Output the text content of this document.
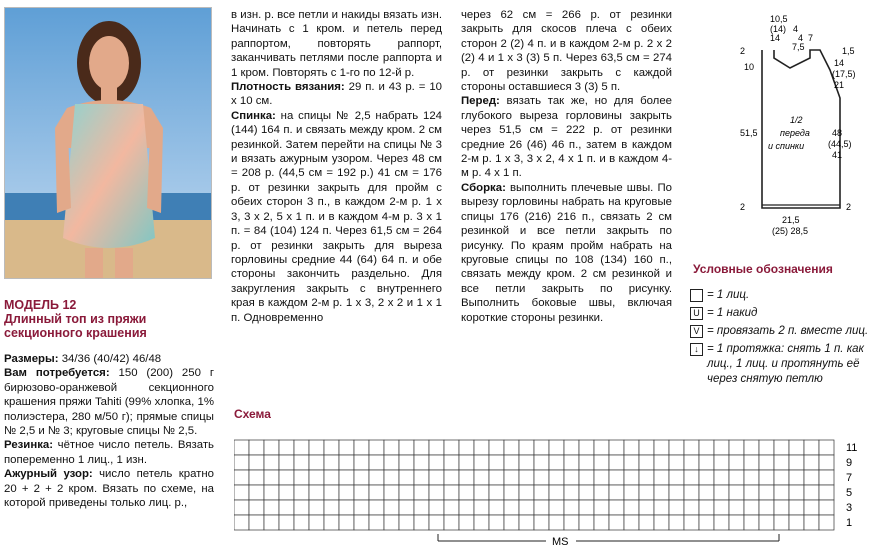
МОДЕЛЬ 12
Длинный топ из пряжи секционного крашения

Размеры: 34/36 (40/42) 46/48

Вам потребуется: 150 (200) 250 г бирюзово-оранжевой секционного крашения пряжи Tahiti (99% хлопка, 1% полиэстера, 280 м/50 г); прямые спицы № 2,5 и № 3; круговые спицы № 2,5.

Резинка: чётное число петель. Вязать попеременно 1 лиц., 1 изн.

Ажурный узор: число петель кратно 20 + 2 + 2 кром. Вязать по схеме, на которой приведены только лиц. р.,

в изн. р. все петли и накиды вязать изн. Начинать с 1 кром. и петель перед раппортом, повторять раппорт, заканчивать петлями после раппорта и 1 кром. Повторять с 1-го по 12-й р.

Плотность вязания: 29 п. и 43 р. = 10 х 10 см.

Спинка: на спицы № 2,5 набрать 124 (144) 164 п. и связать между кром. 2 см резинкой. Затем перейти на спицы № 3 и вязать ажурным узором. Через 48 см = 208 р. (44,5 см = 192 р.) 41 см = 176 р. от резинки закрыть для пройм с обеих сторон 3 п., в каждом 2-м р. 1 х 3, 3 х 2, 5 х 1 п. и в каждом 4-м р. 3 х 1 п. = 84 (104) 124 п. Через 61,5 см = 264 р. от резинки закрыть для выреза горловины средние 44 (64) 64 п. и обе стороны закончить раздельно. Для закругления закрыть с внутреннего края в каждом 2-м р. 1 х 3, 2 х 2 и 1 х 1 п. Одновременно

через 62 см = 266 р. от резинки закрыть для скосов плеча с обеих сторон 2 (2) 4 п. и в каждом 2-м р. 2 х 2 (2) 4 и 1 х 3 (3) 5 п. Через 63,5 см = 274 р. от резинки закрыть с каждой стороны оставшиеся 3 (3) 5 п.

Перед: вязать так же, но для более глубокого выреза горловины закрыть через 51,5 см = 222 р. от резинки средние 26 (46) 46 п., затем в каждом 2-м р. 1 х 3, 3 х 2, 4 х 1 п. и в каждом 4-м р. 4 х 1 п.

Сборка: выполнить плечевые швы. По вырезу горловины набрать на круговые спицы 176 (216) 216 п., связать 2 см резинкой и все петли закрыть по рисунку. По краям пройм набрать на круговые спицы по 108 (134) 160 п., связать между кром. 2 см резинкой и все петли закрыть по рисунку. Выполнить боковые швы, включая короткие стороны резинки.

10,5
(14)
14
4
4 7
7,5
2
10
51,5
1,5
14
(17,5)
21
48
(44,5)
41
1/2
переда
и спинки
2	2
21,5
(25) 28,5
Условные обозначения
= 1 лиц.
U = 1 накид
V = провязать 2 п. вместе лиц.
↓ = 1 протяжка: снять 1 п. как лиц., 1 лиц. и протянуть её через снятую петлю
Схема
11
9
7
5
3
1
MS
